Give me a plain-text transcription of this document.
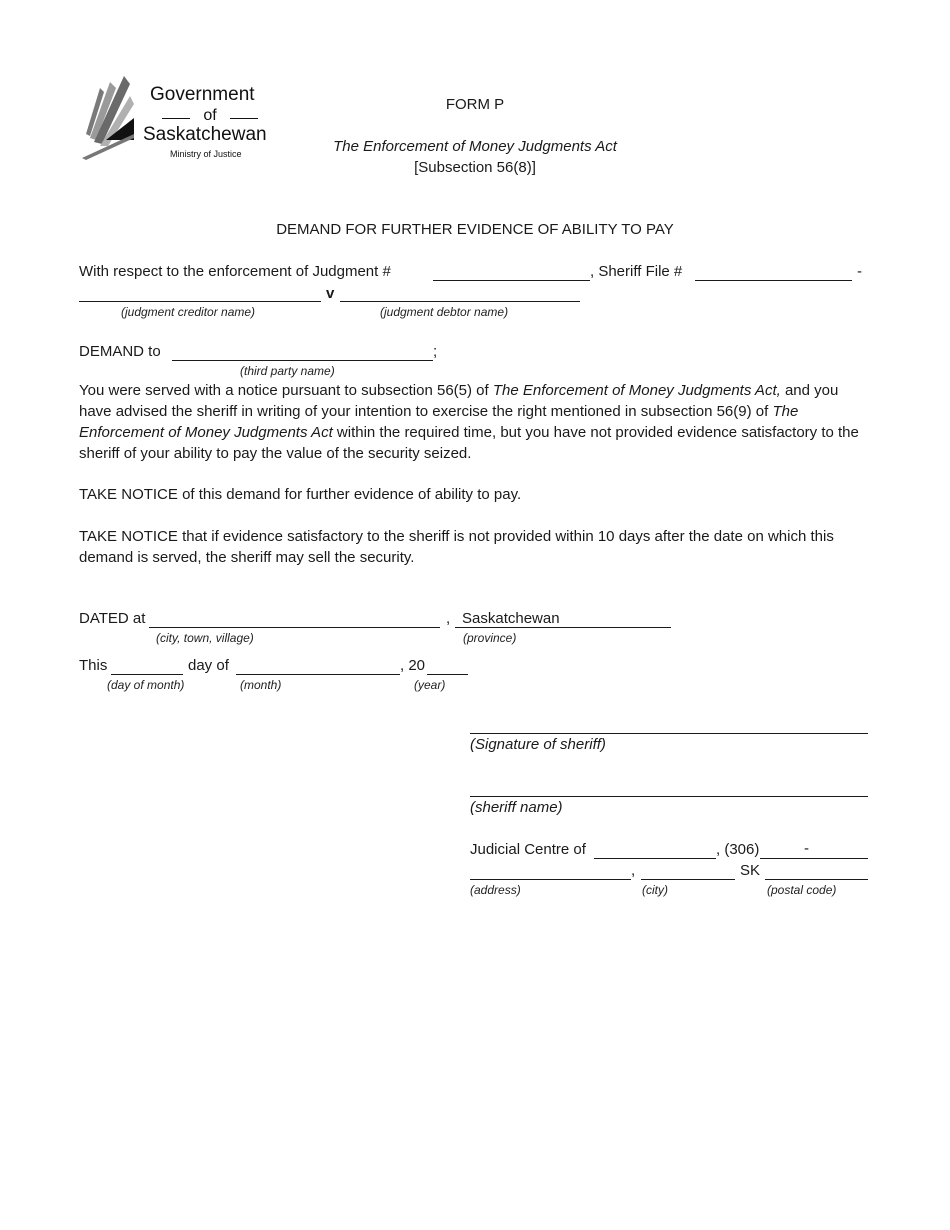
Government
of
Saskatchewan
Ministry of Justice
FORM P
The Enforcement of Money Judgments Act
[Subsection 56(8)]
DEMAND FOR FURTHER EVIDENCE OF ABILITY TO PAY
With respect to the enforcement of Judgment #	, Sheriff File #	-
v
(judgment creditor name)	(judgment debtor name)
DEMAND to	;
(third party name)
You were served with a notice pursuant to subsection 56(5) of The Enforcement of Money Judgments Act, and you have advised the sheriff in writing of your intention to exercise the right mentioned in subsection 56(9) of The Enforcement of Money Judgments Act within the required time, but you have not provided evidence satisfactory to the sheriff of your ability to pay the value of the security seized.
TAKE NOTICE of this demand for further evidence of ability to pay.
TAKE NOTICE that if evidence satisfactory to the sheriff is not provided within 10 days after the date on which this demand is served, the sheriff may sell the security.
DATED at	, Saskatchewan
(city, town, village)	(province)
This	day of	, 20
(day of month)	(month)	(year)
(Signature of sheriff)
(sheriff name)
Judicial Centre of	, (306)	-
,	SK
(address)	(city)	(postal code)
